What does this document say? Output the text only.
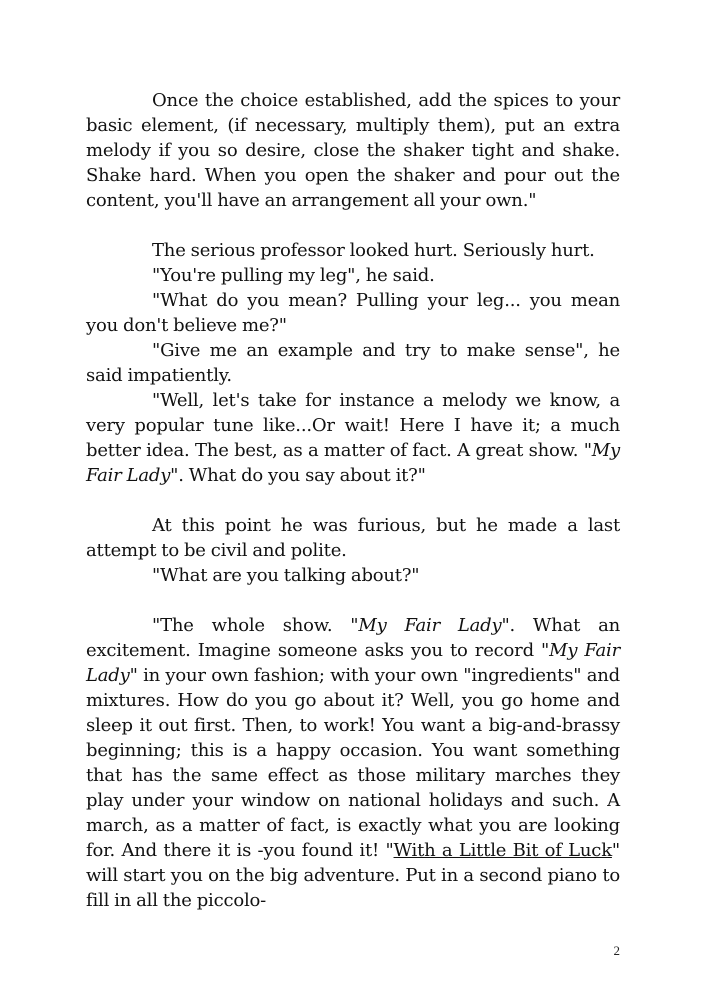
Once the choice established, add the spices to your basic element, (if necessary, multiply them), put an extra melody if you so desire, close the shaker tight and shake. Shake hard. When you open the shaker and pour out the content, you'll have an arrangement all your own."

The serious professor looked hurt. Seriously hurt.

"You're pulling my leg", he said.

"What do you mean? Pulling your leg... you mean you don't believe me?"

"Give me an example and try to make sense", he said impatiently.

"Well, let's take for instance a melody we know, a very popular tune like...Or wait! Here I have it; a much better idea. The best, as a matter of fact. A great show. "My Fair Lady". What do you say about it?"

At this point he was furious, but he made a last attempt to be civil and polite.

"What are you talking about?"

"The whole show. "My Fair Lady". What an excitement. Imagine someone asks you to record "My Fair Lady" in your own fashion; with your own "ingredients" and mixtures. How do you go about it? Well, you go home and sleep it out first. Then, to work! You want a big-and-brassy beginning; this is a happy occasion. You want something that has the same effect as those military marches they play under your window on national holidays and such. A march, as a matter of fact, is exactly what you are looking for. And there it is -you found it! "With a Little Bit of Luck" will start you on the big adventure. Put in a second piano to fill in all the piccolo-

2
